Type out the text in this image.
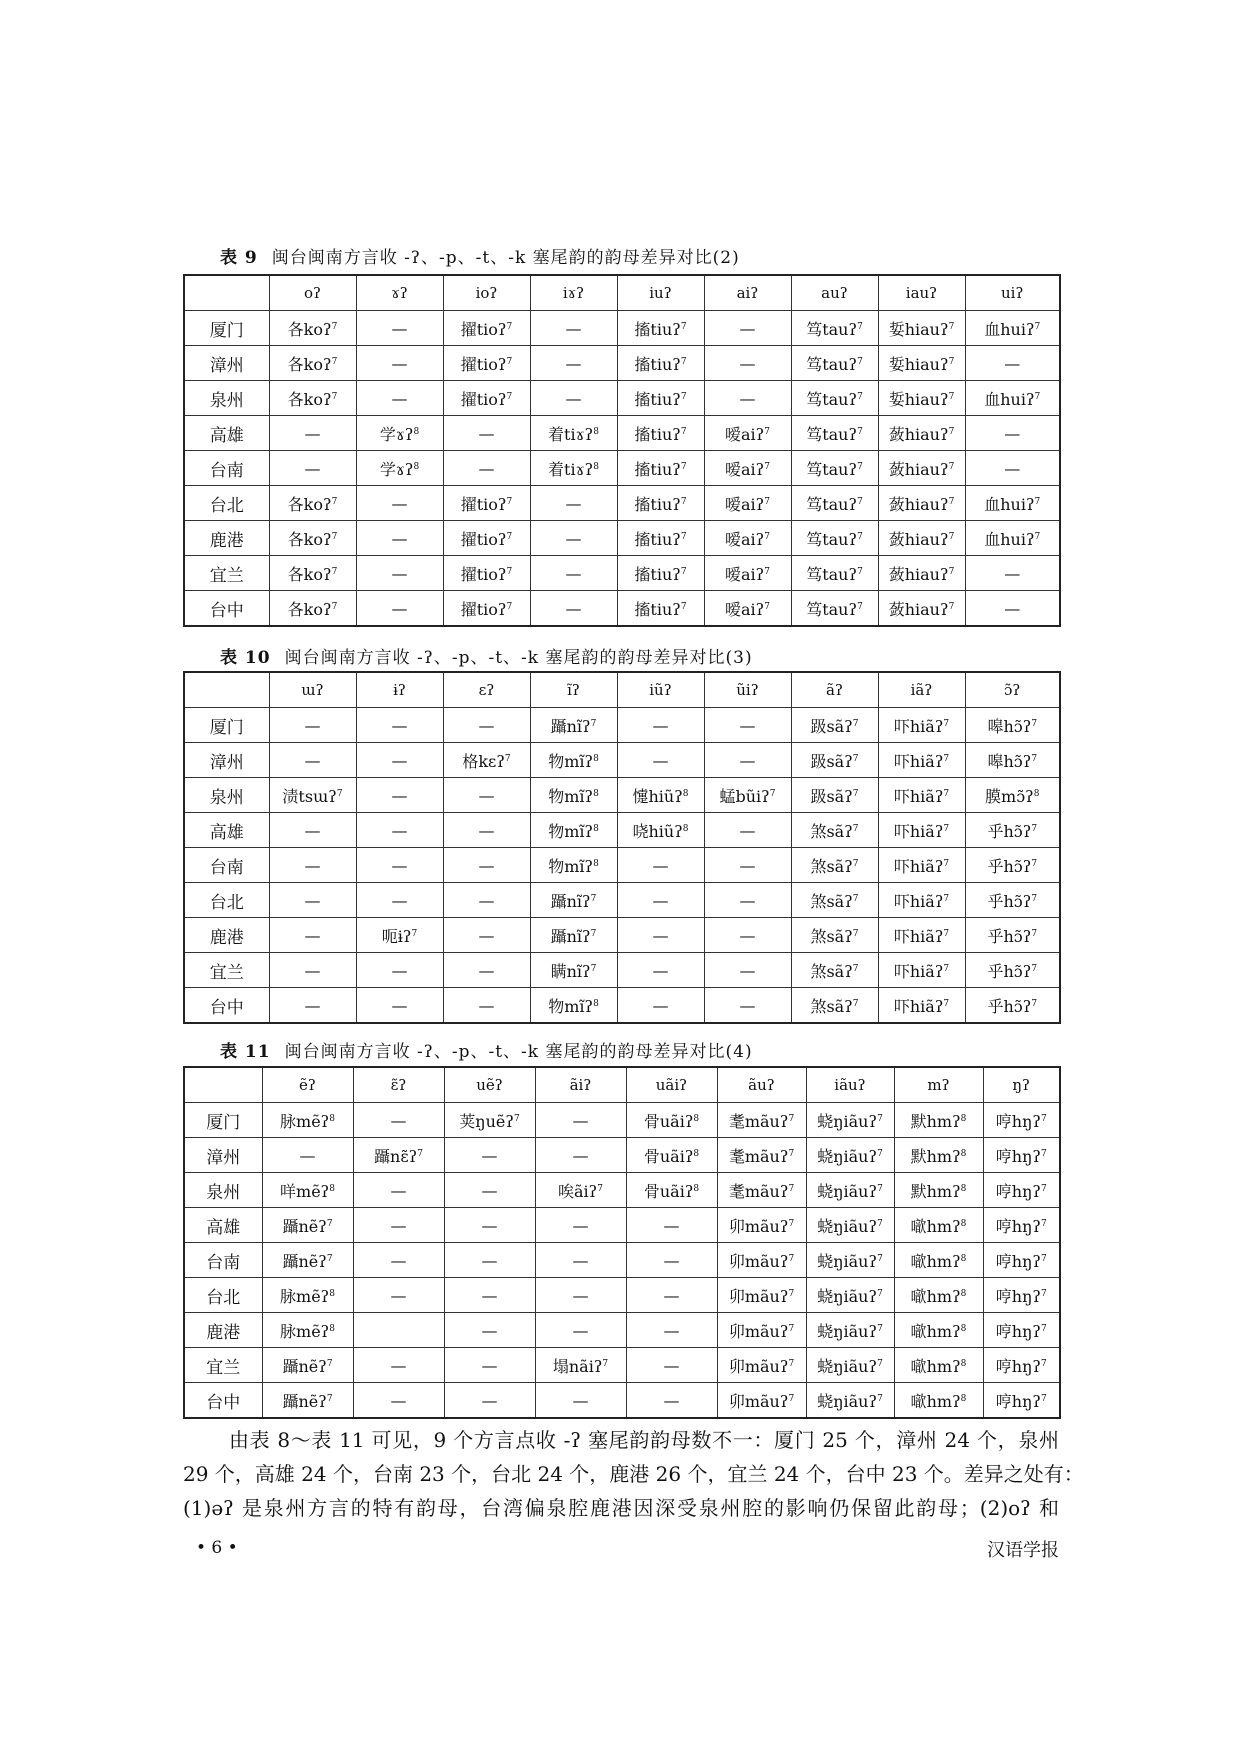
表 9 闽台闽南方言收 -ʔ、-p、-t、-k 塞尾韵的韵母差异对比(2)
	oʔ	ɤʔ	ioʔ	iɤʔ	iuʔ	aiʔ	auʔ	iauʔ	uiʔ
厦门	各koʔ$^7$	—	擢tioʔ$^7$	—	搐tiuʔ$^7$	—	笃tauʔ$^7$	娎hiauʔ$^7$	血huiʔ$^7$
漳州	各koʔ$^7$	—	擢tioʔ$^7$	—	搐tiuʔ$^7$	—	笃tauʔ$^7$	娎hiauʔ$^7$	—
泉州	各koʔ$^7$	—	擢tioʔ$^7$	—	搐tiuʔ$^7$	—	笃tauʔ$^7$	娎hiauʔ$^7$	血huiʔ$^7$
高雄	—	学ɤʔ$^8$	—	着tiɤʔ$^8$	搐tiuʔ$^7$	嗳aiʔ$^7$	笃tauʔ$^7$	蔹hiauʔ$^7$	—
台南	—	学ɤʔ$^8$	—	着tiɤʔ$^8$	搐tiuʔ$^7$	嗳aiʔ$^7$	笃tauʔ$^7$	蔹hiauʔ$^7$	—
台北	各koʔ$^7$	—	擢tioʔ$^7$	—	搐tiuʔ$^7$	嗳aiʔ$^7$	笃tauʔ$^7$	蔹hiauʔ$^7$	血huiʔ$^7$
鹿港	各koʔ$^7$	—	擢tioʔ$^7$	—	搐tiuʔ$^7$	嗳aiʔ$^7$	笃tauʔ$^7$	蔹hiauʔ$^7$	血huiʔ$^7$
宜兰	各koʔ$^7$	—	擢tioʔ$^7$	—	搐tiuʔ$^7$	嗳aiʔ$^7$	笃tauʔ$^7$	蔹hiauʔ$^7$	—
台中	各koʔ$^7$	—	擢tioʔ$^7$	—	搐tiuʔ$^7$	嗳aiʔ$^7$	笃tauʔ$^7$	蔹hiauʔ$^7$	—
表 10 闽台闽南方言收 -ʔ、-p、-t、-k 塞尾韵的韵母差异对比(3)
	ɯʔ	ɨʔ	ɛʔ	ĩʔ	iũʔ	ũiʔ	ãʔ	iãʔ	ɔ̃ʔ
厦门	—	—	—	躡nĩʔ$^7$	—	—	趿sãʔ$^7$	吓hiãʔ$^7$	嗥hɔ̃ʔ$^7$
漳州	—	—	格kɛʔ$^7$	物mĩʔ$^8$	—	—	趿sãʔ$^7$	吓hiãʔ$^7$	嗥hɔ̃ʔ$^7$
泉州	渍tsɯʔ$^7$	—	—	物mĩʔ$^8$	懥hiũʔ$^8$	蜢bũiʔ$^7$	趿sãʔ$^7$	吓hiãʔ$^7$	膜mɔ̃ʔ$^8$
高雄	—	—	—	物mĩʔ$^8$	哓hiũʔ$^8$	—	煞sãʔ$^7$	吓hiãʔ$^7$	乎hɔ̃ʔ$^7$
台南	—	—	—	物mĩʔ$^8$	—	—	煞sãʔ$^7$	吓hiãʔ$^7$	乎hɔ̃ʔ$^7$
台北	—	—	—	躡nĩʔ$^7$	—	—	煞sãʔ$^7$	吓hiãʔ$^7$	乎hɔ̃ʔ$^7$
鹿港	—	呃ɨʔ$^7$	—	躡nĩʔ$^7$	—	—	煞sãʔ$^7$	吓hiãʔ$^7$	乎hɔ̃ʔ$^7$
宜兰	—	—	—	瞒nĩʔ$^7$	—	—	煞sãʔ$^7$	吓hiãʔ$^7$	乎hɔ̃ʔ$^7$
台中	—	—	—	物mĩʔ$^8$	—	—	煞sãʔ$^7$	吓hiãʔ$^7$	乎hɔ̃ʔ$^7$
表 11 闽台闽南方言收 -ʔ、-p、-t、-k 塞尾韵的韵母差异对比(4)
	ẽʔ	ɛ̃ʔ	uẽʔ	ãiʔ	uãiʔ	ãuʔ	iãuʔ	mʔ	ŋʔ
厦门	脉mẽʔ$^8$	—	荚ŋuẽʔ$^7$	—	骨uãiʔ$^8$	耄mãuʔ$^7$	蛲ŋiãuʔ$^7$	默hmʔ$^8$	哼hŋʔ$^7$
漳州	—	躡nɛ̃ʔ$^7$	—	—	骨uãiʔ$^8$	耄mãuʔ$^7$	蛲ŋiãuʔ$^7$	默hmʔ$^8$	哼hŋʔ$^7$
泉州	咩mẽʔ$^8$	—	—	唉ãiʔ$^7$	骨uãiʔ$^8$	耄mãuʔ$^7$	蛲ŋiãuʔ$^7$	默hmʔ$^8$	哼hŋʔ$^7$
高雄	躡nẽʔ$^7$	—	—	—	—	卯mãuʔ$^7$	蛲ŋiãuʔ$^7$	噷hmʔ$^8$	哼hŋʔ$^7$
台南	躡nẽʔ$^7$	—	—	—	—	卯mãuʔ$^7$	蛲ŋiãuʔ$^7$	噷hmʔ$^8$	哼hŋʔ$^7$
台北	脉mẽʔ$^8$	—	—	—	—	卯mãuʔ$^7$	蛲ŋiãuʔ$^7$	噷hmʔ$^8$	哼hŋʔ$^7$
鹿港	脉mẽʔ$^8$		—	—	—	卯mãuʔ$^7$	蛲ŋiãuʔ$^7$	噷hmʔ$^8$	哼hŋʔ$^7$
宜兰	躡nẽʔ$^7$	—	—	塌nãiʔ$^7$	—	卯mãuʔ$^7$	蛲ŋiãuʔ$^7$	噷hmʔ$^8$	哼hŋʔ$^7$
台中	躡nẽʔ$^7$	—	—	—	—	卯mãuʔ$^7$	蛲ŋiãuʔ$^7$	噷hmʔ$^8$	哼hŋʔ$^7$

由表 8～表 11 可见，9 个方言点收 -ʔ 塞尾韵韵母数不一：厦门 25 个，漳州 24 个，泉州

29 个，高雄 24 个，台南 23 个，台北 24 个，鹿港 26 个，宜兰 24 个，台中 23 个。差异之处有：

(1)əʔ 是泉州方言的特有韵母，台湾偏泉腔鹿港因深受泉州腔的影响仍保留此韵母；(2)oʔ 和

• 6 •	汉语学报
